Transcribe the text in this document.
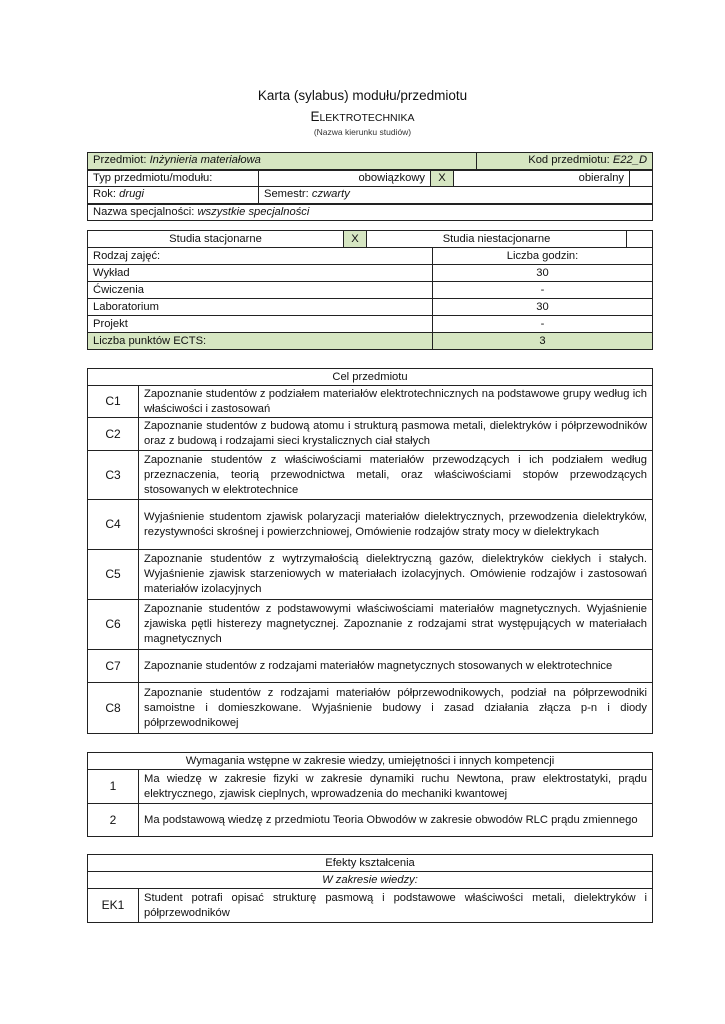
Karta (sylabus) modułu/przedmiotu
ELEKTROTECHNIKA
(Nazwa kierunku studiów)
Przedmiot: Inżynieria materiałowa				Kod przedmiotu: E22_D	
Typ przedmiotu/modułu:	obowiązkowy	X	obieralny		
Rok: drugi	Semestr: czwarty				
Nazwa specjalności: wszystkie specjalności					
Studia stacjonarne	X	Studia niestacjonarne	
Rodzaj zajęć:	Liczba godzin:
Wykład	30
Ćwiczenia	-
Laboratorium	30
Projekt	-
Liczba punktów ECTS:	3
Cel przedmiotu	
C1	Zapoznanie studentów z podziałem materiałów elektrotechnicznych na podstawowe grupy według ich właściwości i zastosowań
C2	Zapoznanie studentów z budową atomu i strukturą pasmowa metali, dielektryków i półprzewodników oraz z budową i rodzajami sieci krystalicznych ciał stałych
C3	Zapoznanie studentów z właściwościami materiałów przewodzących i ich podziałem według przeznaczenia, teorią przewodnictwa metali, oraz właściwościami stopów przewodzących stosowanych w elektrotechnice
C4	Wyjaśnienie studentom zjawisk polaryzacji materiałów dielektrycznych, przewodzenia dielektryków, rezystywności skrośnej i powierzchniowej, Omówienie rodzajów straty mocy w dielektrykach
C5	Zapoznanie studentów z wytrzymałością dielektryczną gazów, dielektryków ciekłych i stałych. Wyjaśnienie zjawisk starzeniowych w materiałach izolacyjnych. Omówienie rodzajów i zastosowań materiałów izolacyjnych
C6	Zapoznanie studentów z podstawowymi właściwościami materiałów magnetycznych. Wyjaśnienie zjawiska pętli histerezy magnetycznej. Zapoznanie z rodzajami strat występujących w materiałach magnetycznych
C7	Zapoznanie studentów z rodzajami materiałów magnetycznych stosowanych w elektrotechnice
C8	Zapoznanie studentów z rodzajami materiałów półprzewodnikowych, podział na półprzewodniki samoistne i domieszkowane. Wyjaśnienie budowy i zasad działania złącza p-n i diody półprzewodnikowej
Wymagania wstępne w zakresie wiedzy, umiejętności i innych kompetencji	
1	Ma wiedzę w zakresie fizyki w zakresie dynamiki ruchu Newtona, praw elektrostatyki, prądu elektrycznego, zjawisk cieplnych, wprowadzenia do mechaniki kwantowej
2	Ma podstawową wiedzę z przedmiotu Teoria Obwodów w zakresie obwodów RLC prądu zmiennego
Efekty kształcenia
W zakresie wiedzy:
EK1	Student potrafi opisać strukturę pasmową i podstawowe właściwości metali, dielektryków i półprzewodników
